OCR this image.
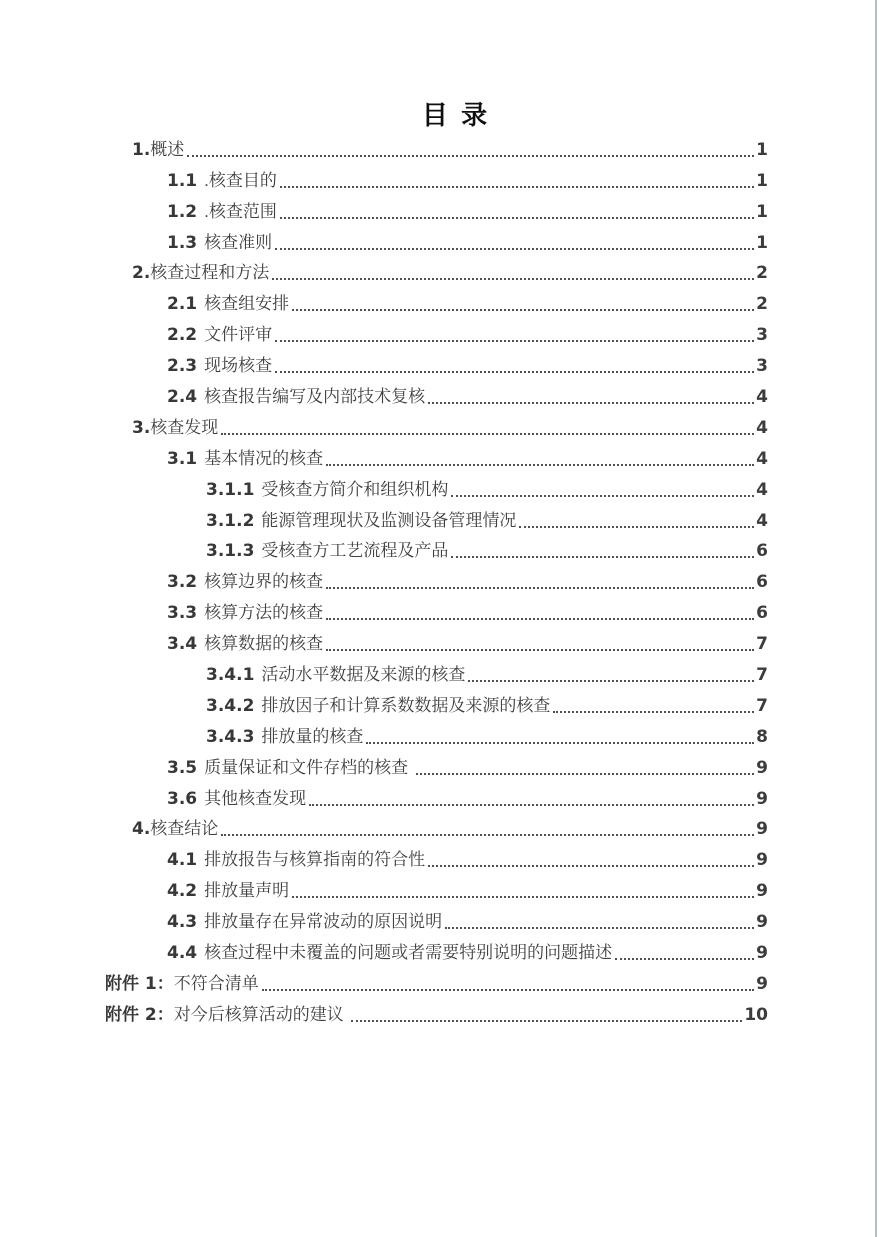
目 录
1. 概述	1
1.1 .核查目的	1
1.2 .核查范围	1
1.3 核查准则	1
2. 核查过程和方法	2
2.1 核查组安排	2
2.2 文件评审	3
2.3 现场核查	3
2.4 核查报告编写及内部技术复核	4
3. 核查发现	4
3.1 基本情况的核查	4
3.1.1 受核查方简介和组织机构	4
3.1.2 能源管理现状及监测设备管理情况	4
3.1.3 受核查方工艺流程及产品	6
3.2 核算边界的核查	6
3.3 核算方法的核查	6
3.4 核算数据的核查	7
3.4.1 活动水平数据及来源的核查	7
3.4.2 排放因子和计算系数数据及来源的核查	7
3.4.3 排放量的核查	8
3.5 质量保证和文件存档的核查	9
3.6 其他核查发现	9
4. 核查结论	9
4.1 排放报告与核算指南的符合性	9
4.2 排放量声明	9
4.3 排放量存在异常波动的原因说明	9
4.4 核查过程中未覆盖的问题或者需要特别说明的问题描述	9
附件 1： 不符合清单	9
附件 2： 对今后核算活动的建议	10
